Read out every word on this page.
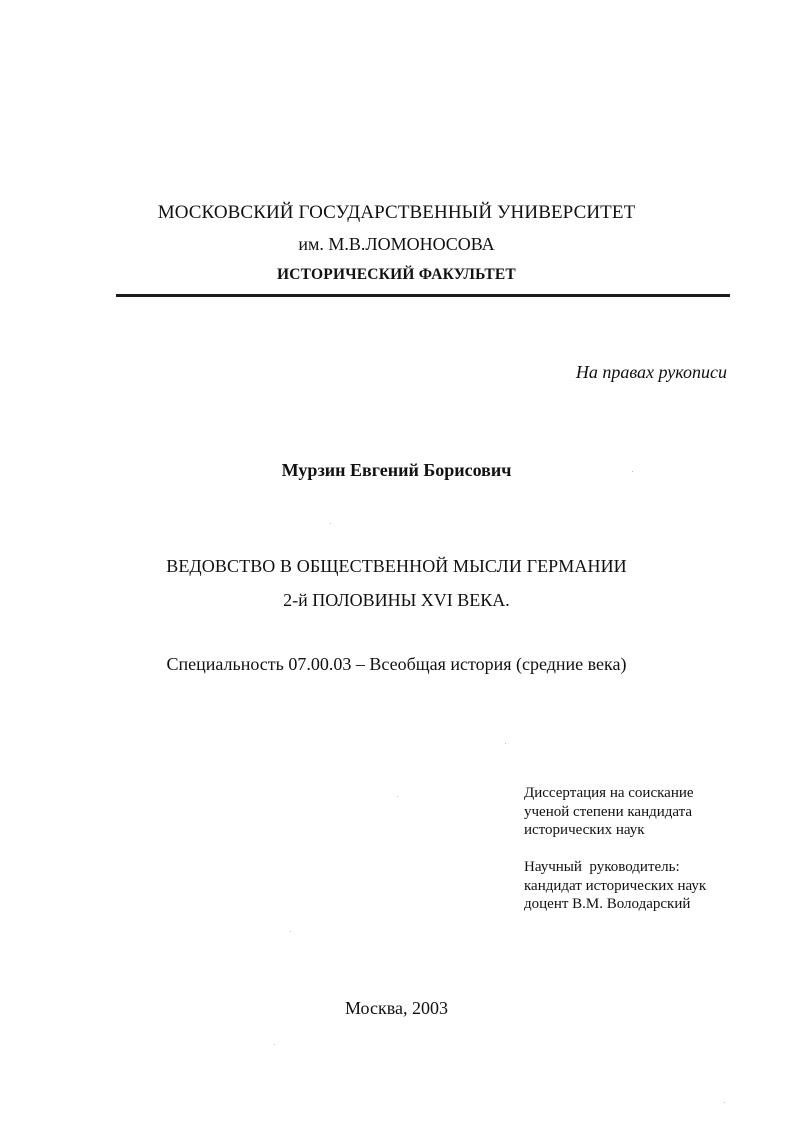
МОСКОВСКИЙ ГОСУДАРСТВЕННЫЙ УНИВЕРСИТЕТ
им. М.В.ЛОМОНОСОВА
ИСТОРИЧЕСКИЙ ФАКУЛЬТЕТ
На правах рукописи
Мурзин Евгений Борисович
ВЕДОВСТВО В ОБЩЕСТВЕННОЙ МЫСЛИ ГЕРМАНИИ
2-й ПОЛОВИНЫ XVI ВЕКА.
Специальность 07.00.03 – Всеобщая история (средние века)
Диссертация на соискание
ученой степени кандидата
исторических наук
Научный  руководитель:
кандидат исторических наук
доцент В.М. Володарский
Москва, 2003
